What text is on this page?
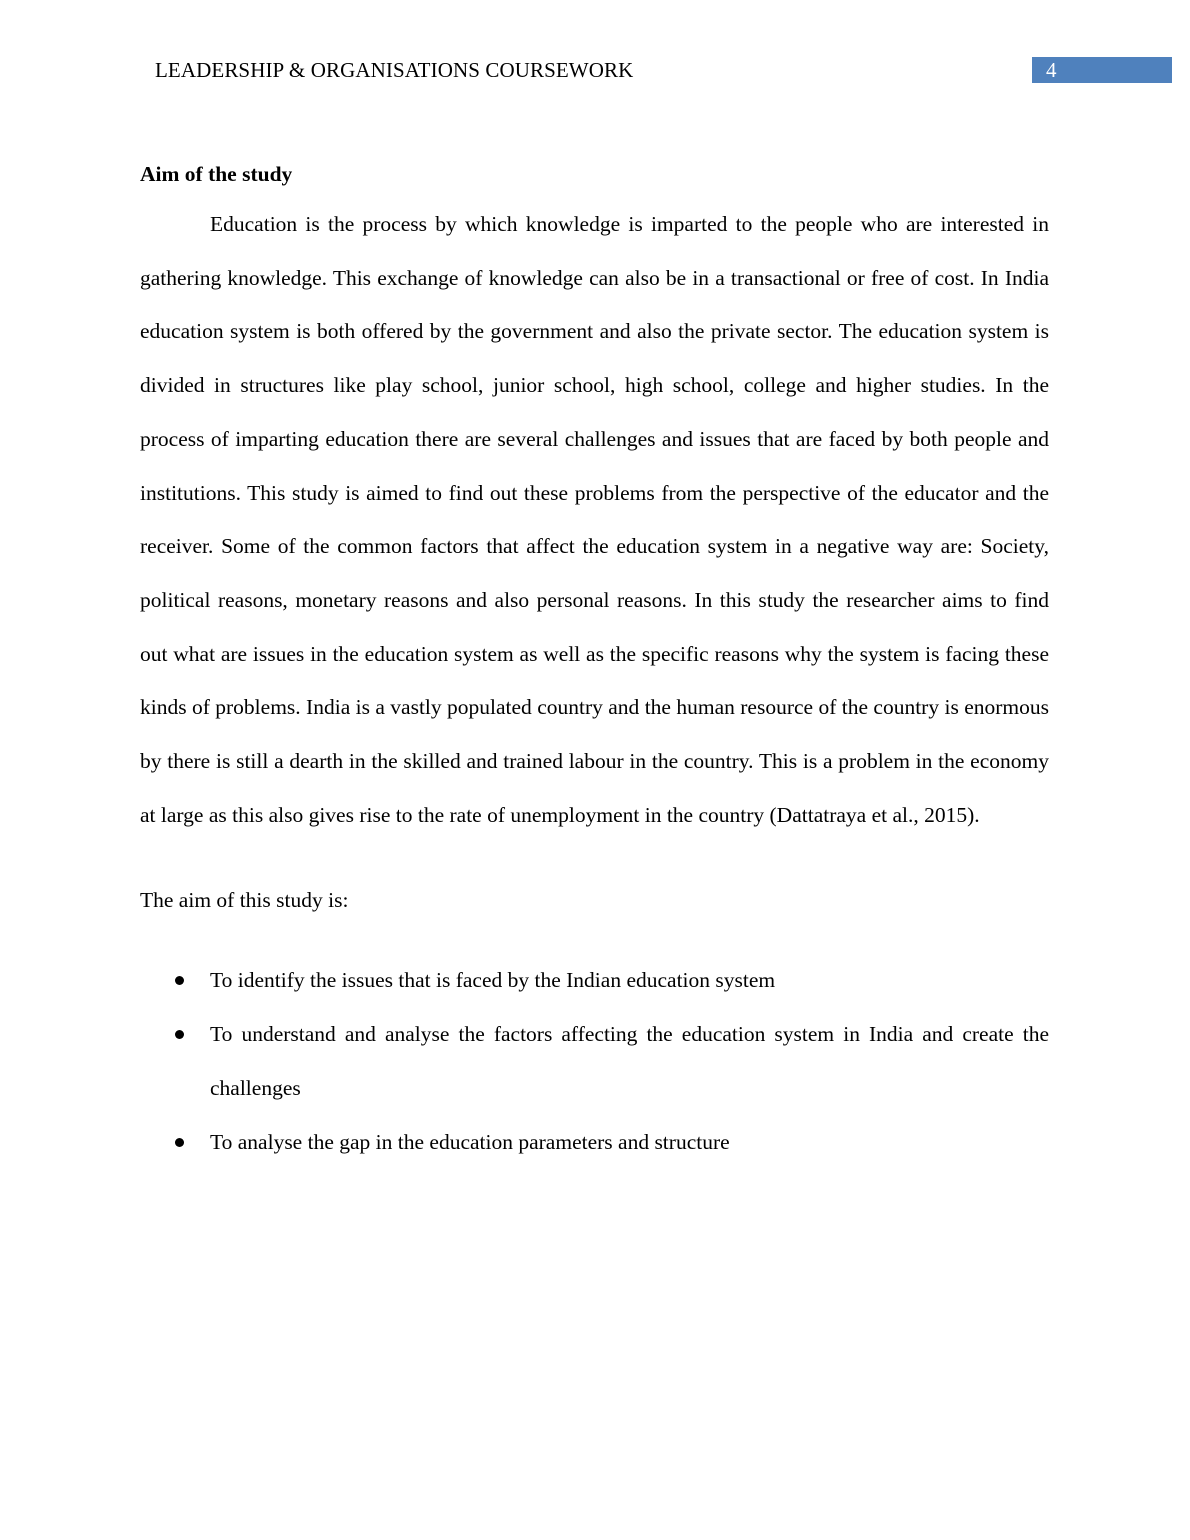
LEADERSHIP & ORGANISATIONS COURSEWORK	4
Aim of the study

Education is the process by which knowledge is imparted to the people who are interested in gathering knowledge. This exchange of knowledge can also be in a transactional or free of cost. In India education system is both offered by the government and also the private sector. The education system is divided in structures like play school, junior school, high school, college and higher studies. In the process of imparting education there are several challenges and issues that are faced by both people and institutions. This study is aimed to find out these problems from the perspective of the educator and the receiver. Some of the common factors that affect the education system in a negative way are: Society, political reasons, monetary reasons and also personal reasons. In this study the researcher aims to find out what are issues in the education system as well as the specific reasons why the system is facing these kinds of problems. India is a vastly populated country and the human resource of the country is enormous by there is still a dearth in the skilled and trained labour in the country. This is a problem in the economy at large as this also gives rise to the rate of unemployment in the country (Dattatraya et al., 2015).

The aim of this study is:

To identify the issues that is faced by the Indian education system
To understand and analyse the factors affecting the education system in India and create the challenges
To analyse the gap in the education parameters and structure
